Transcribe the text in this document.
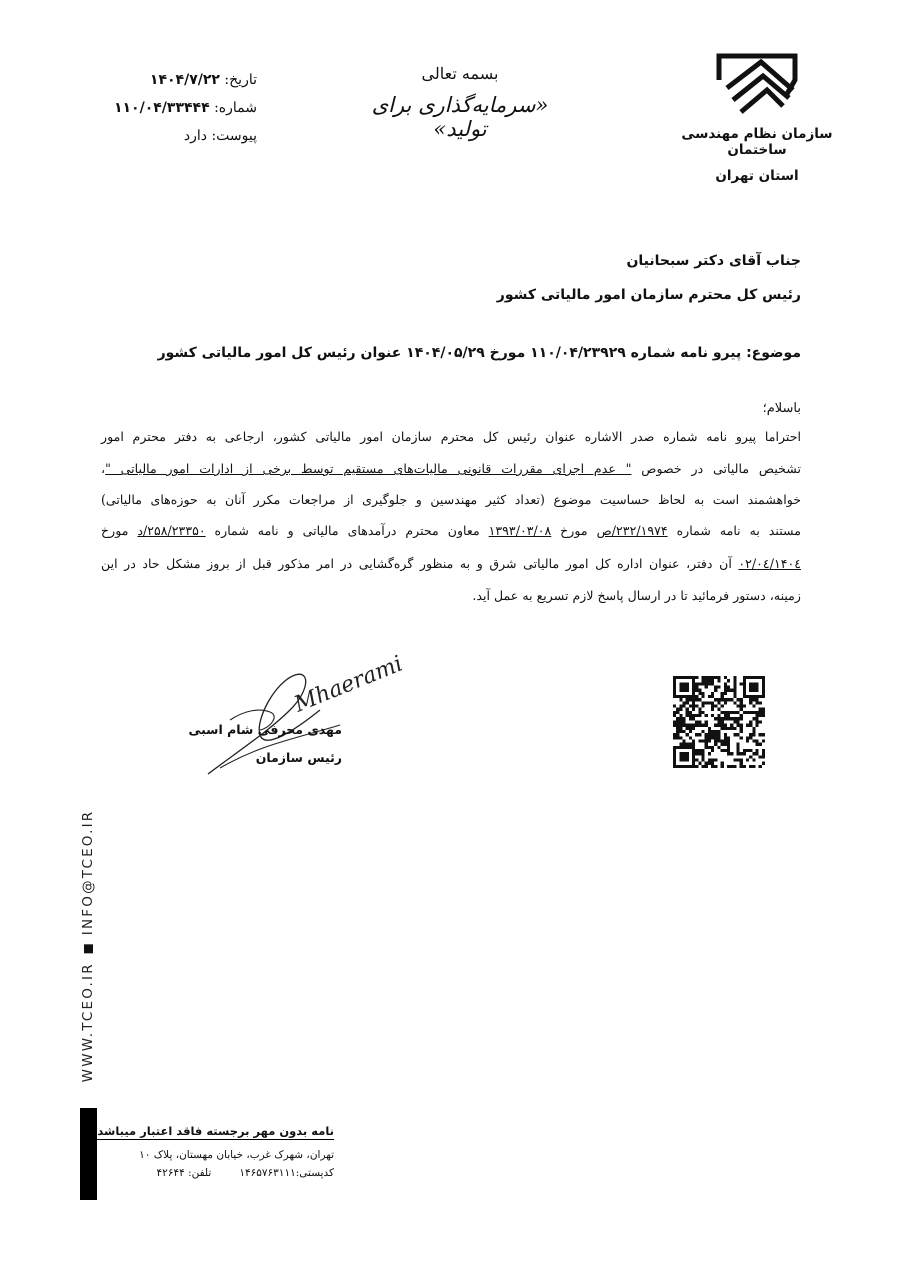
سازمان نظام مهندسی ساختمان
استان تهران
بسمه تعالی
«سرمایه‌گذاری برای تولید»
تاریخ: ۱۴۰۴/۷/۲۲
شماره: ۱۱۰/۰۴/۳۳۴۴۴
پیوست: دارد
جناب آقای دکتر سبحانیان
رئیس کل محترم سازمان امور مالیاتی کشور
موضوع: پیرو نامه شماره ۱۱۰/۰۴/۲۳۹۲۹ مورخ ۱۴۰۴/۰۵/۲۹ عنوان رئیس کل امور مالیاتی کشور
باسلام؛
احتراما پیرو نامه شماره صدر الاشاره عنوان رئیس کل محترم سازمان امور مالیاتی کشور، ارجاعی به دفتر محترم امور
تشخیص مالیاتی در خصوص " عدم اجرای مقررات قانونی مالیات‌های مستقیم توسط برخی از ادارات امور مالیاتی "،
خواهشمند است به لحاظ حساسیت موضوع (تعداد کثیر مهندسین و جلوگیری از مراجعات مکرر آنان به حوزه‌های مالیاتی)
مستند به نامه شماره ۲۳۲/۱۹۷۴/ص مورخ ۱۳۹۳/۰۳/۰۸ معاون محترم درآمدهای مالیاتی و نامه شماره ۲۵۸/۲۳۳۵۰/د مورخ
۱۴۰٤/۰٤/۰۲ آن دفتر، عنوان اداره کل امور مالیاتی شرق و به منظور گره‌گشایی در امر مذکور قبل از بروز مشکل حاد در این
زمینه، دستور فرمائید تا در ارسال پاسخ لازم تسریع به عمل آید.
Mhaerami
مهدی محرفی شام اسبی
رئیس سازمان
WWW.TCEO.IRINFO@TCEO.IR
نامه بدون مهر برجسته فاقد اعتبار میباشد
تهران، شهرک غرب، خیابان مهستان، پلاک ۱۰
کدپستی:۱۴۶۵۷۶۳۱۱۱تلفن: ۴۲۶۴۴
